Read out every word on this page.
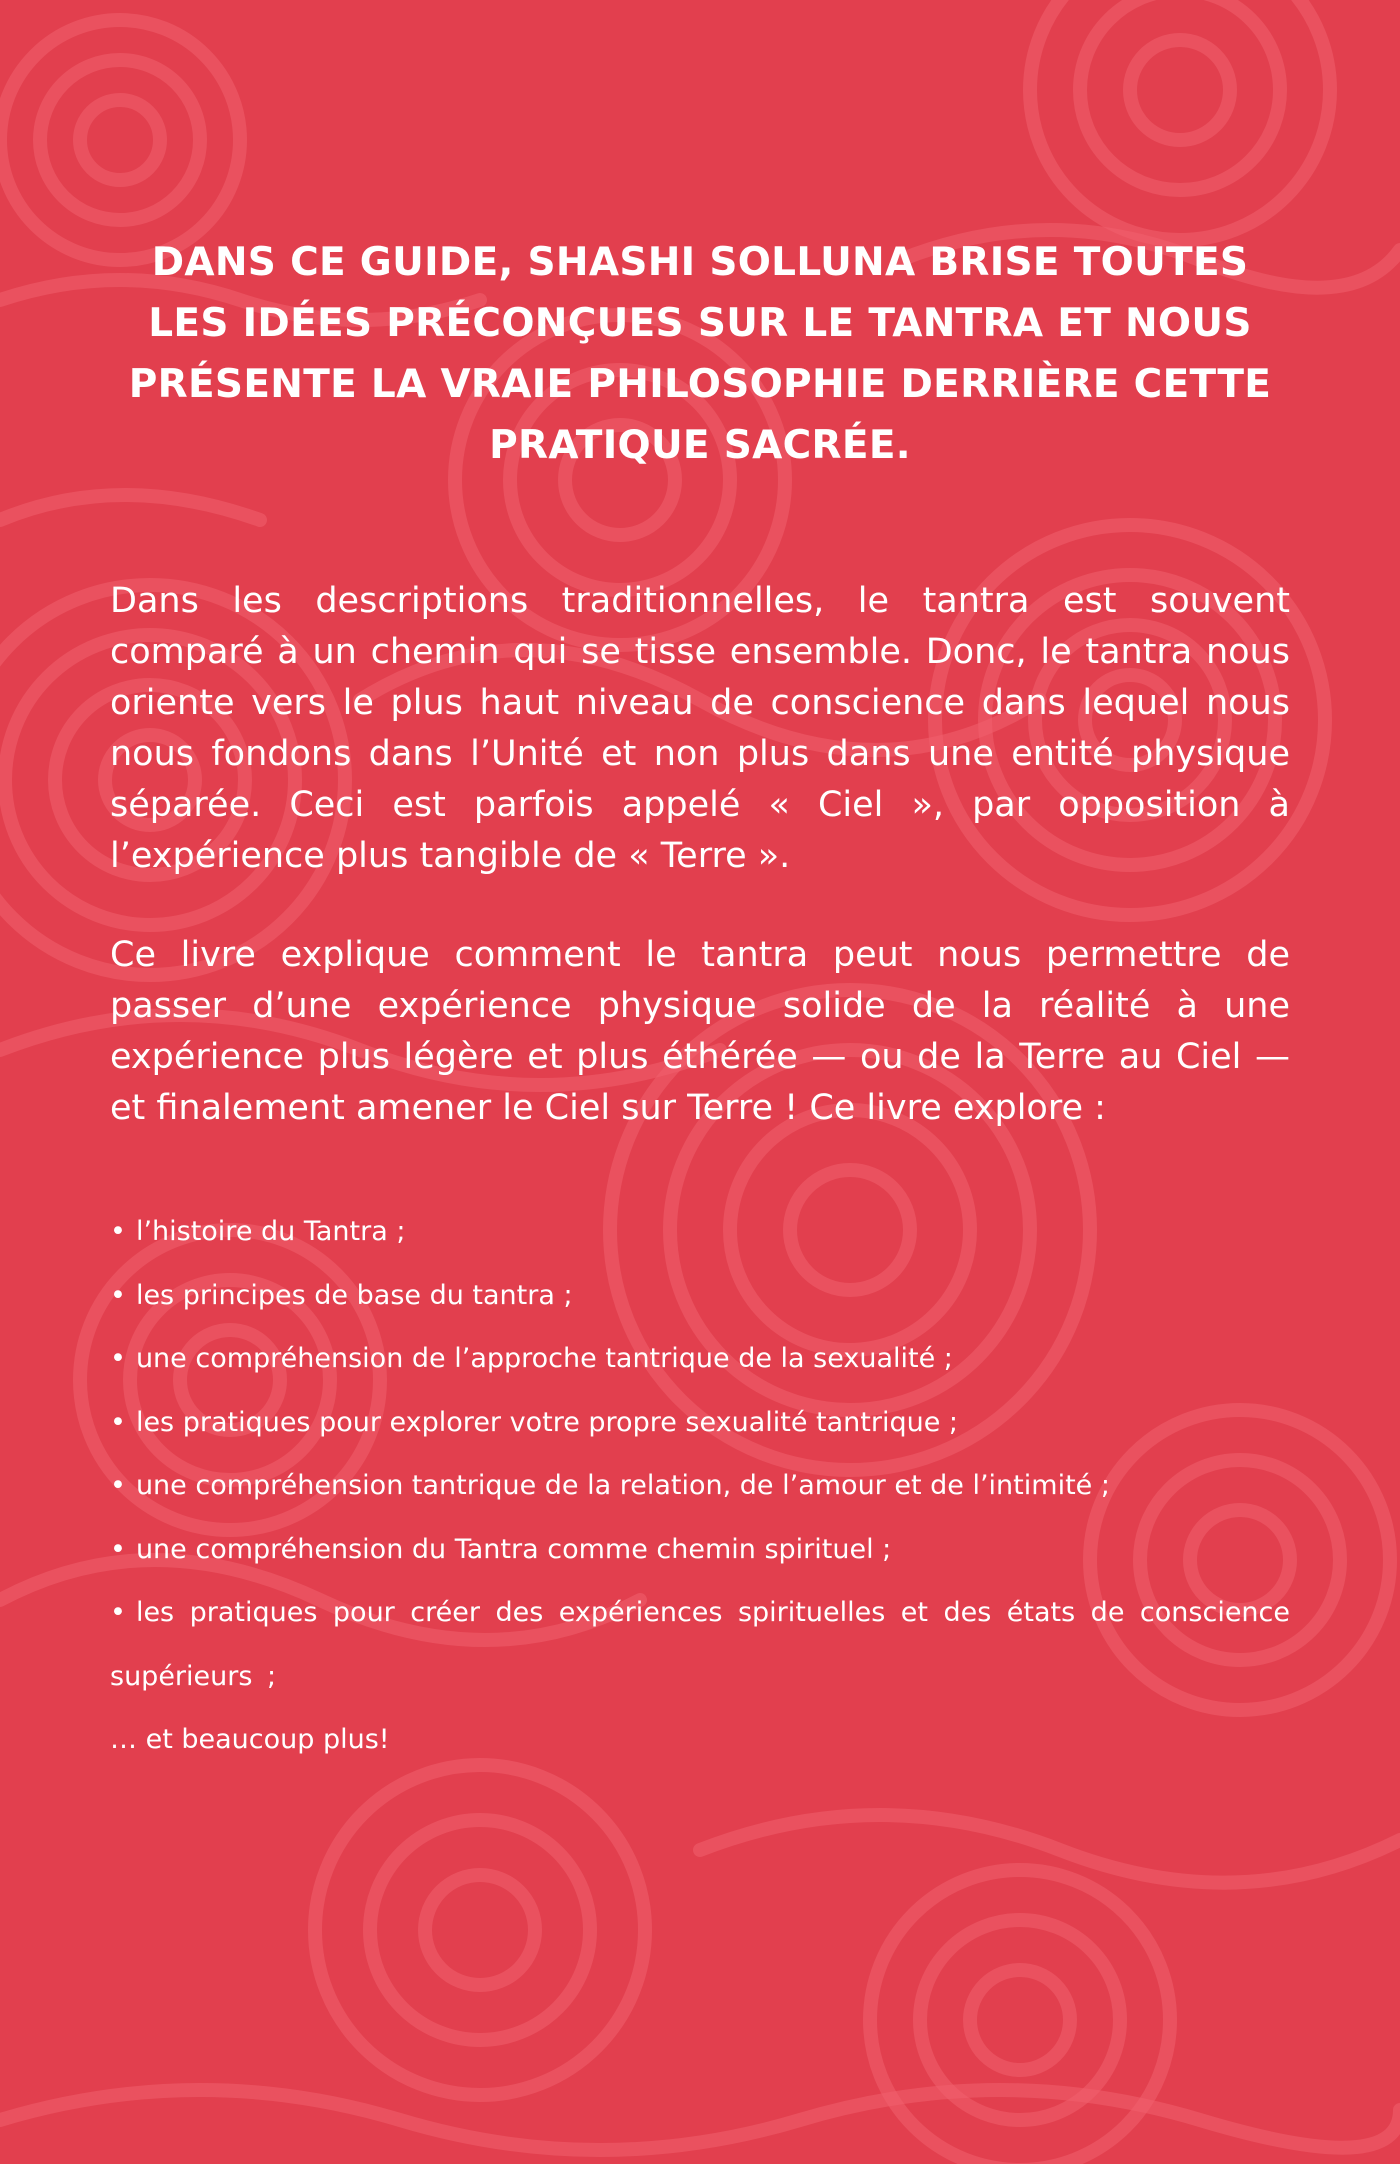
DANS CE GUIDE, SHASHI SOLLUNA BRISE TOUTES LES IDÉES PRÉCONÇUES SUR LE TANTRA ET NOUS PRÉSENTE LA VRAIE PHILOSOPHIE DERRIÈRE CETTE PRATIQUE SACRÉE.

Dans les descriptions traditionnelles, le tantra est souvent comparé à un chemin qui se tisse ensemble. Donc, le tantra nous oriente vers le plus haut niveau de conscience dans lequel nous nous fondons dans l’Unité et non plus dans une entité physique séparée. Ceci est parfois appelé « Ciel », par opposition à l’expérience plus tangible de « Terre ».

Ce livre explique comment le tantra peut nous permettre de passer d’une expérience physique solide de la réalité à une expérience plus légère et plus éthérée — ou de la Terre au Ciel — et finalement amener le Ciel sur Terre ! Ce livre explore :

• l’histoire du Tantra ;
• les principes de base du tantra ;
• une compréhension de l’approche tantrique de la sexualité ;
• les pratiques pour explorer votre propre sexualité tantrique ;
• une compréhension tantrique de la relation, de l’amour et de l’intimité ;
• une compréhension du Tantra comme chemin spirituel ;
• les pratiques pour créer des expériences spirituelles et des états de conscience supérieurs ;

… et beaucoup plus!
